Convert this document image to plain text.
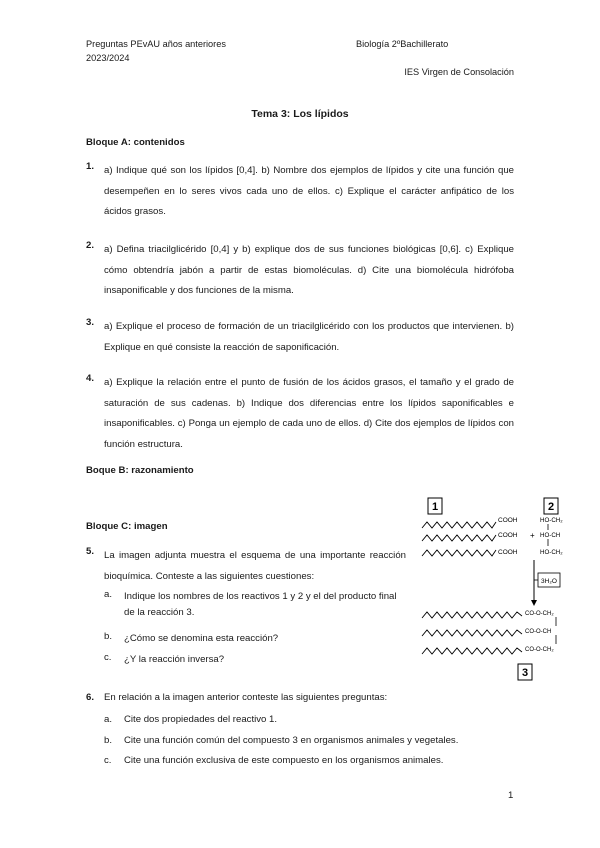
Preguntas PEvAU años anteriores
2023/2024
Biología 2ºBachillerato
IES Virgen de Consolación
Tema 3: Los lípidos
Bloque A: contenidos
1. a) Indique qué son los lípidos [0,4]. b) Nombre dos ejemplos de lípidos y cite una función que desempeñen en lo seres vivos cada uno de ellos. c) Explique el carácter anfipático de los ácidos grasos.
2. a) Defina triacilglicérido [0,4] y b) explique dos de sus funciones biológicas [0,6]. c) Explique cómo obtendría jabón a partir de estas biomoléculas. d) Cite una biomolécula hidrófoba insaponificable y dos funciones de la misma.
3. a) Explique el proceso de formación de un triacilglicérido con los productos que intervienen. b) Explique en qué consiste la reacción de saponificación.
4. a) Explique la relación entre el punto de fusión de los ácidos grasos, el tamaño y el grado de saturación de sus cadenas. b) Indique dos diferencias entre los lípidos saponificables e insaponificables. c) Ponga un ejemplo de cada uno de ellos. d) Cite dos ejemplos de lípidos con función estructura.
Boque B: razonamiento
Bloque C: imagen
5. La imagen adjunta muestra el esquema de una importante reacción bioquímica. Conteste a las siguientes cuestiones:
a. Indique los nombres de los reactivos 1 y 2 y el del producto final de la reacción 3.
b. ¿Cómo se denomina esta reacción?
c. ¿Y la reacción inversa?
1	2
COOH
COOH
COOH
+
HO-CH₂
HO-CH
HO-CH₂
3H₂O
CO-O-CH₂
CO-O-CH
CO-O-CH₂
3
6. En relación a la imagen anterior conteste las siguientes preguntas:
a. Cite dos propiedades del reactivo 1.
b. Cite una función común del compuesto 3 en organismos animales y vegetales.
c. Cite una función exclusiva de este compuesto en los organismos animales.
1
